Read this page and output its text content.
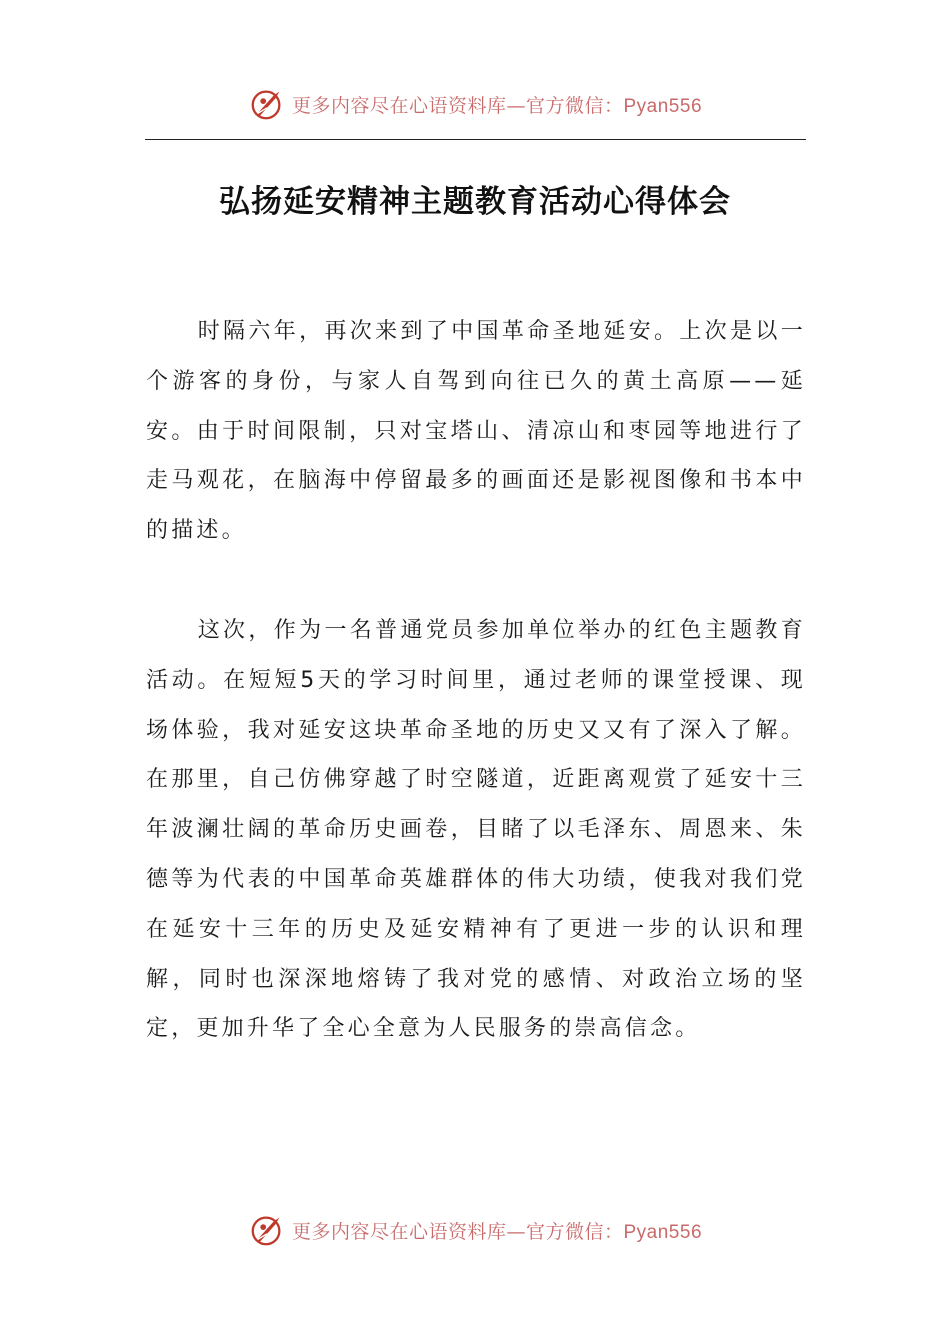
更多内容尽在心语资料库—官方微信：Pyan556
弘扬延安精神主题教育活动心得体会

时隔六年，再次来到了中国革命圣地延安。上次是以一个游客的身份，与家人自驾到向往已久的黄土高原——延安。由于时间限制，只对宝塔山、清凉山和枣园等地进行了走马观花，在脑海中停留最多的画面还是影视图像和书本中的描述。

这次，作为一名普通党员参加单位举办的红色主题教育活动。在短短5天的学习时间里，通过老师的课堂授课、现场体验，我对延安这块革命圣地的历史又又有了深入了解。在那里，自己仿佛穿越了时空隧道，近距离观赏了延安十三年波澜壮阔的革命历史画卷，目睹了以毛泽东、周恩来、朱德等为代表的中国革命英雄群体的伟大功绩，使我对我们党在延安十三年的历史及延安精神有了更进一步的认识和理解，同时也深深地熔铸了我对党的感情、对政治立场的坚定，更加升华了全心全意为人民服务的崇高信念。

更多内容尽在心语资料库—官方微信：Pyan556
